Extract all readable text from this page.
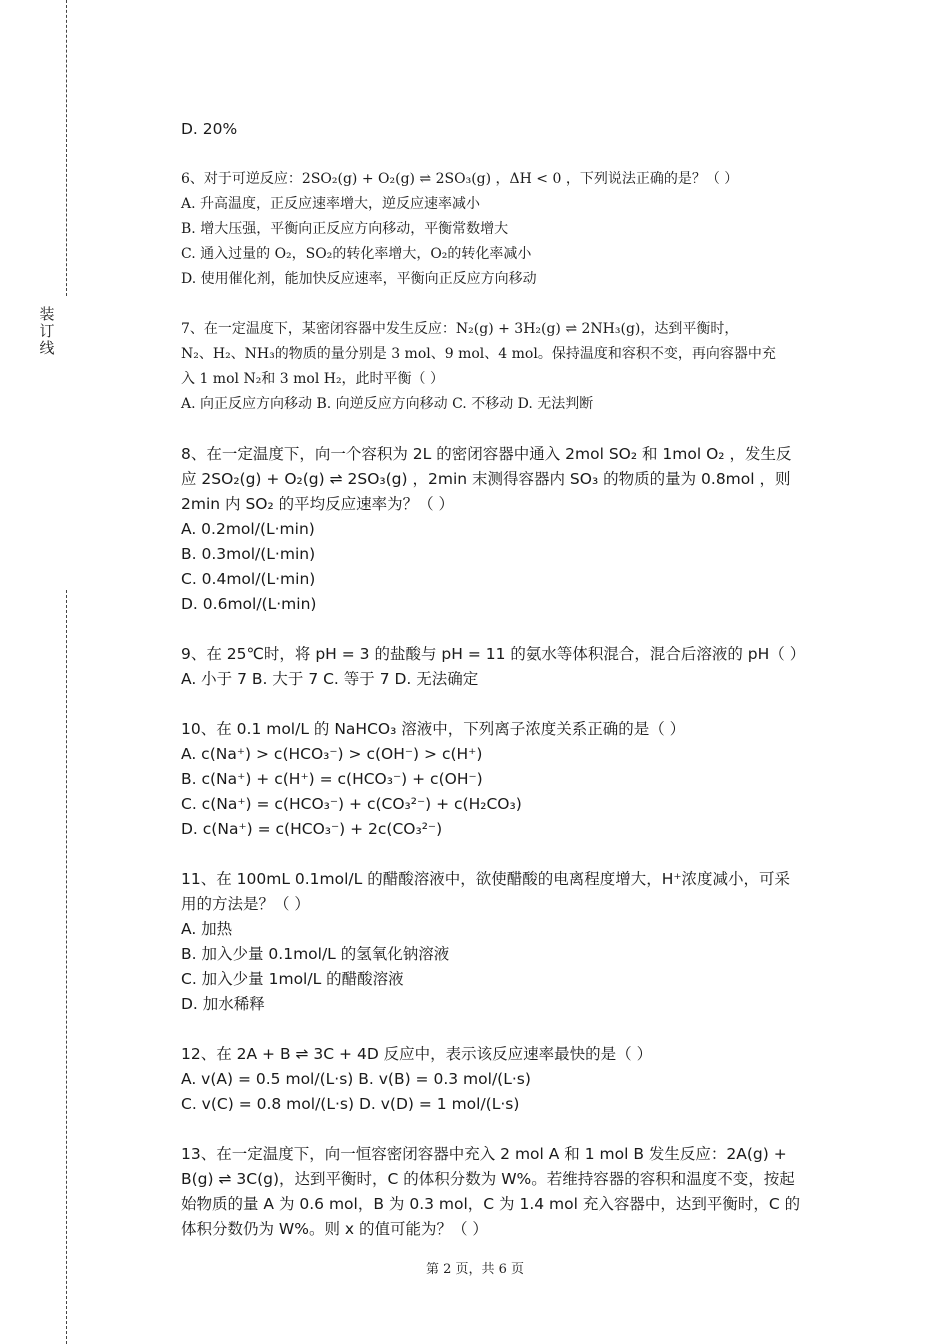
装
订
线
D. 20%
6、对于可逆反应：2SO₂(g) + O₂(g) ⇌ 2SO₃(g) ，ΔH < 0 ，下列说法正确的是？（ ）
A. 升高温度，正反应速率增大，逆反应速率减小
B. 增大压强，平衡向正反应方向移动，平衡常数增大
C. 通入过量的 O₂，SO₂的转化率增大，O₂的转化率减小
D. 使用催化剂，能加快反应速率，平衡向正反应方向移动
7、在一定温度下，某密闭容器中发生反应：N₂(g) + 3H₂(g) ⇌ 2NH₃(g)，达到平衡时，
N₂、H₂、NH₃的物质的量分别是 3 mol、9 mol、4 mol。保持温度和容积不变，再向容器中充
入 1 mol N₂和 3 mol H₂，此时平衡（ ）
A. 向正反应方向移动 B. 向逆反应方向移动 C. 不移动 D. 无法判断
8、在一定温度下，向一个容积为 2L 的密闭容器中通入 2mol SO₂ 和 1mol O₂ ，发生反
应 2SO₂(g) + O₂(g) ⇌ 2SO₃(g) ，2min 末测得容器内 SO₃ 的物质的量为 0.8mol ，则
2min 内 SO₂ 的平均反应速率为？（ ）
A. 0.2mol/(L·min)
B. 0.3mol/(L·min)
C. 0.4mol/(L·min)
D. 0.6mol/(L·min)
9、在 25℃时，将 pH = 3 的盐酸与 pH = 11 的氨水等体积混合，混合后溶液的 pH（ ）
A. 小于 7 B. 大于 7 C. 等于 7 D. 无法确定
10、在 0.1 mol/L 的 NaHCO₃ 溶液中，下列离子浓度关系正确的是（ ）
A. c(Na⁺) > c(HCO₃⁻) > c(OH⁻) > c(H⁺)
B. c(Na⁺) + c(H⁺) = c(HCO₃⁻) + c(OH⁻)
C. c(Na⁺) = c(HCO₃⁻) + c(CO₃²⁻) + c(H₂CO₃)
D. c(Na⁺) = c(HCO₃⁻) + 2c(CO₃²⁻)
11、在 100mL 0.1mol/L 的醋酸溶液中，欲使醋酸的电离程度增大，H⁺浓度减小，可采
用的方法是？（ ）
A. 加热
B. 加入少量 0.1mol/L 的氢氧化钠溶液
C. 加入少量 1mol/L 的醋酸溶液
D. 加水稀释
12、在 2A + B ⇌ 3C + 4D 反应中，表示该反应速率最快的是（ ）
A. v(A) = 0.5 mol/(L·s) B. v(B) = 0.3 mol/(L·s)
C. v(C) = 0.8 mol/(L·s) D. v(D) = 1 mol/(L·s)
13、在一定温度下，向一恒容密闭容器中充入 2 mol A 和 1 mol B 发生反应：2A(g) +
B(g) ⇌ 3C(g)，达到平衡时，C 的体积分数为 W%。若维持容器的容积和温度不变，按起
始物质的量 A 为 0.6 mol，B 为 0.3 mol，C 为 1.4 mol 充入容器中，达到平衡时，C 的
体积分数仍为 W%。则 x 的值可能为？（ ）
第 2 页，共 6 页
